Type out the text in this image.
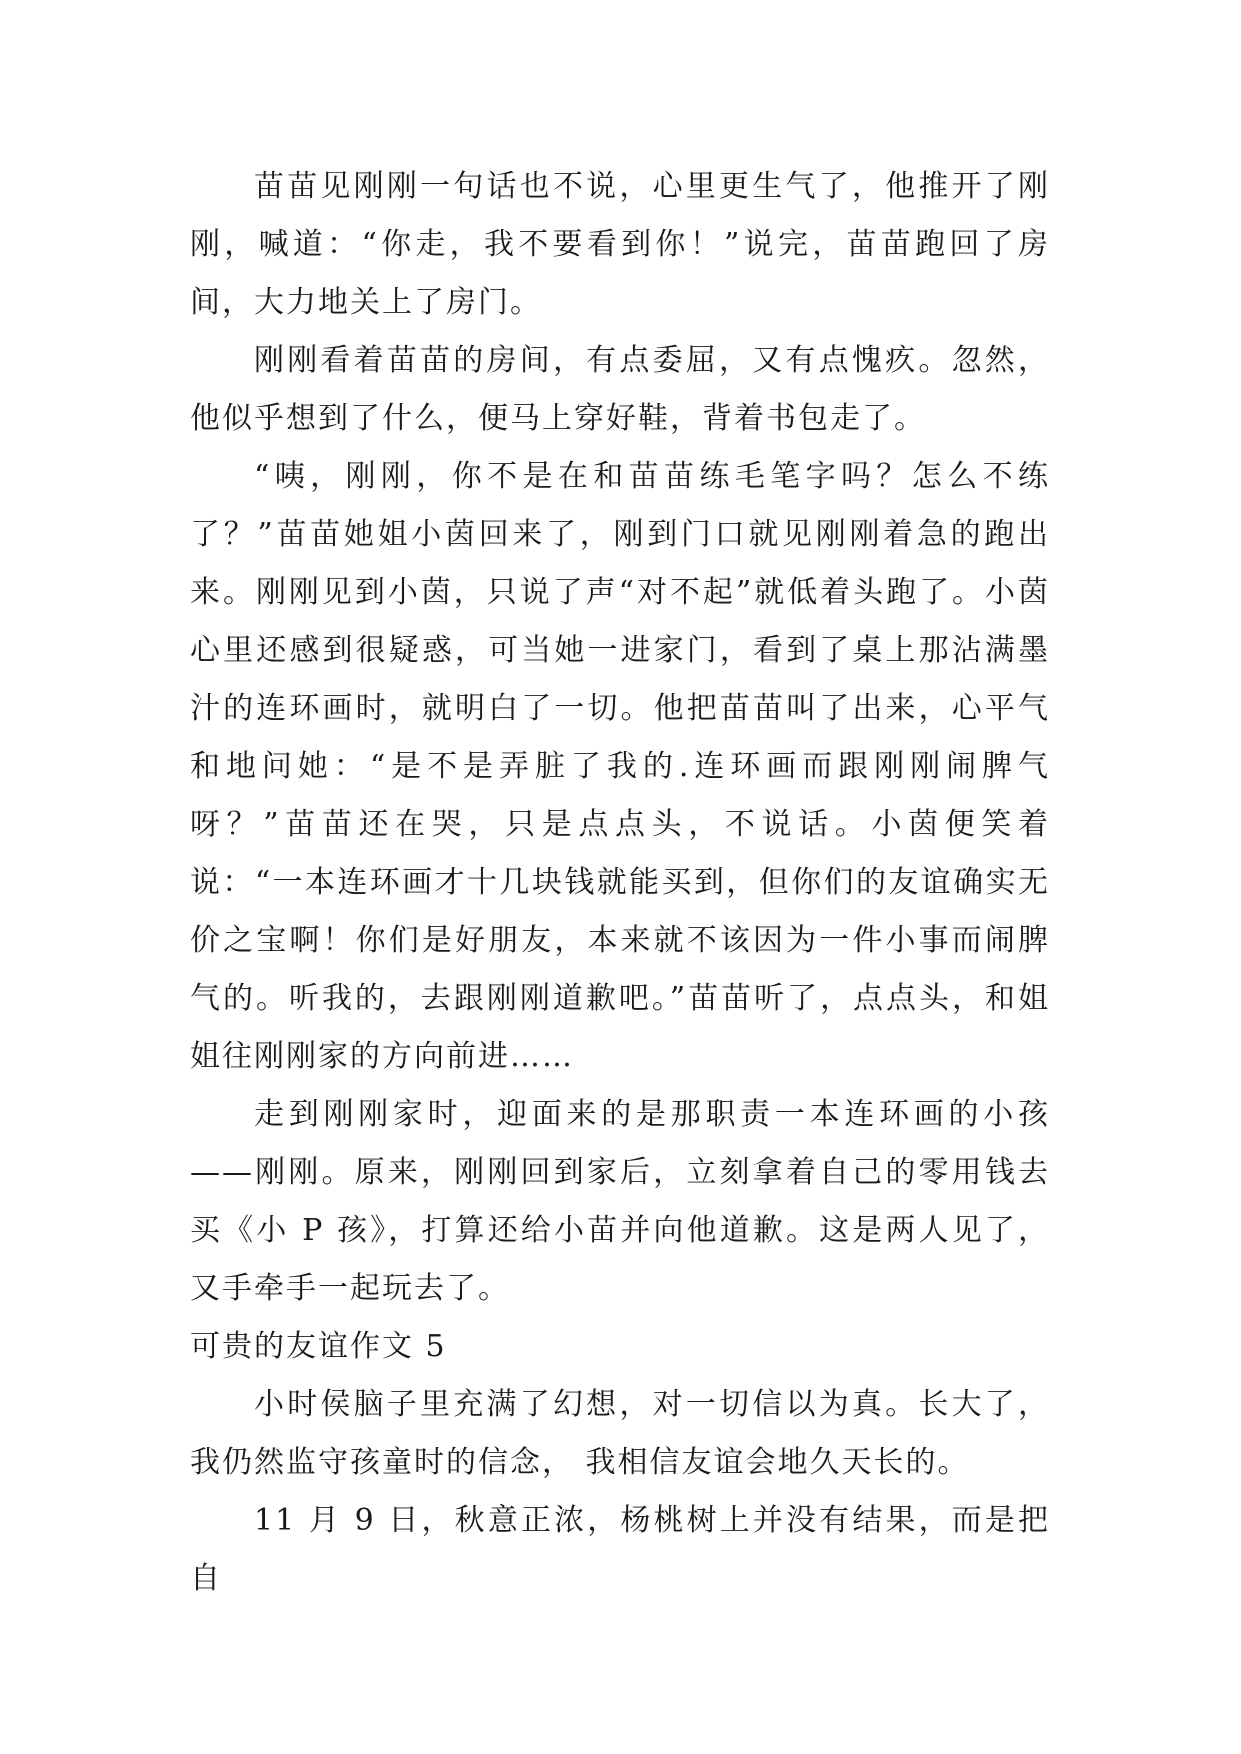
苗苗见刚刚一句话也不说，心里更生气了，他推开了刚刚，喊道：“你走，我不要看到你！”说完，苗苗跑回了房间，大力地关上了房门。

刚刚看着苗苗的房间，有点委屈，又有点愧疚。忽然，他似乎想到了什么，便马上穿好鞋，背着书包走了。

“咦，刚刚，你不是在和苗苗练毛笔字吗？怎么不练了？”苗苗她姐小茵回来了，刚到门口就见刚刚着急的跑出来。刚刚见到小茵，只说了声“对不起”就低着头跑了。小茵心里还感到很疑惑，可当她一进家门，看到了桌上那沾满墨汁的连环画时，就明白了一切。他把苗苗叫了出来，心平气和地问她：“是不是弄脏了我的.连环画而跟刚刚闹脾气呀？”苗苗还在哭，只是点点头，不说话。小茵便笑着说：“一本连环画才十几块钱就能买到，但你们的友谊确实无价之宝啊！你们是好朋友，本来就不该因为一件小事而闹脾气的。听我的，去跟刚刚道歉吧。”苗苗听了，点点头，和姐姐往刚刚家的方向前进……

走到刚刚家时，迎面来的是那职责一本连环画的小孩——刚刚。原来，刚刚回到家后，立刻拿着自己的零用钱去买《小 P 孩》，打算还给小苗并向他道歉。这是两人见了，又手牵手一起玩去了。

可贵的友谊作文 5

小时侯脑子里充满了幻想，对一切信以为真。长大了，我仍然监守孩童时的信念， 我相信友谊会地久天长的。

11 月 9 日，秋意正浓，杨桃树上并没有结果，而是把自
